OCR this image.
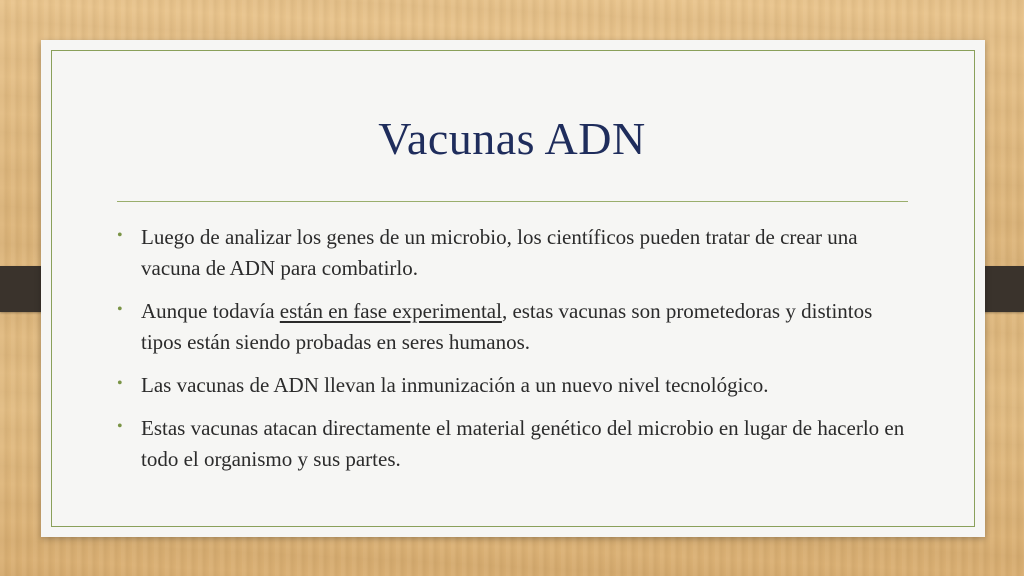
Vacunas ADN
• Luego de analizar los genes de un microbio, los científicos pueden tratar de crear una vacuna de ADN para combatirlo.
• Aunque todavía están en fase experimental, estas vacunas son prometedoras y distintos tipos están siendo probadas en seres humanos.
• Las vacunas de ADN llevan la inmunización a un nuevo nivel tecnológico.
• Estas vacunas atacan directamente el material genético del microbio en lugar de hacerlo en todo el organismo y sus partes.
